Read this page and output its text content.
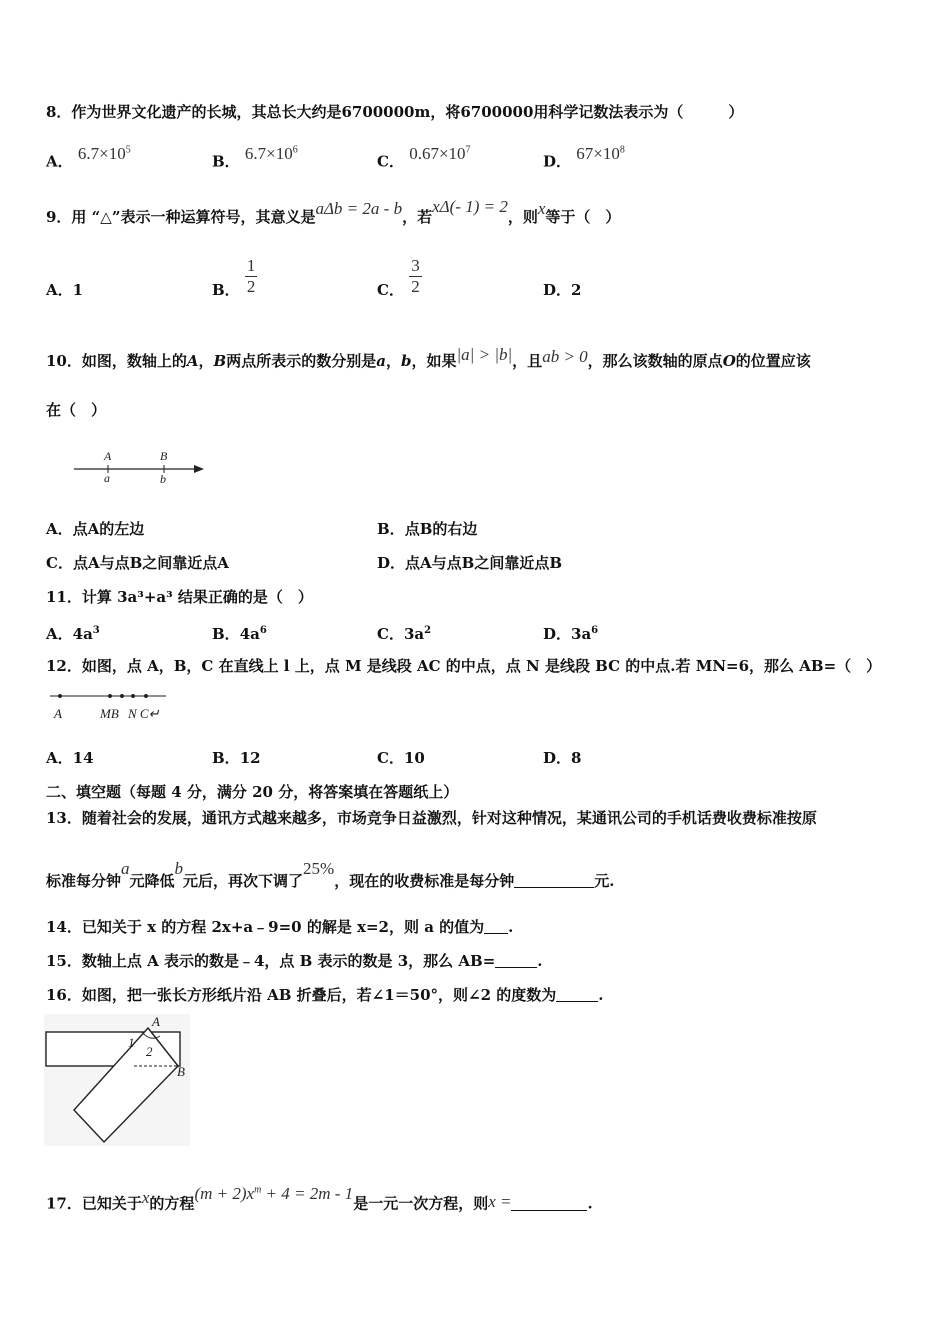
8．作为世界文化遗产的长城，其总长大约是6700000m，将6700000用科学记数法表示为（　　　）
A． $6.7\times 10^5$
B． $6.7\times 10^6$
C． $0.67\times 10^7$
D． $67\times 10^8$
9．用 “△”表示一种运算符号，其意义是aΔb = 2a - b，若xΔ(- 1) = 2，则x等于（　）
A．1	B． $\frac{1}{2}$	C． $\frac{3}{2}$	D．2
10．如图，数轴上的A，B两点所表示的数分别是a，b，如果|a| > |b|，且ab > 0，那么该数轴的原点O的位置应该
在（　）
A
a
B
b
A．点A的左边	B．点B的右边
C．点A与点B之间靠近点A	D．点A与点B之间靠近点B
11．计算 3a³+a³ 结果正确的是（　）
A．$4a^3$	B．$4a^6$	C．$3a^2$	D．$3a^6$
12．如图，点 A，B，C 在直线上 l 上，点 M 是线段 AC 的中点，点 N 是线段 BC 的中点.若 MN=6，那么 AB=（　）
A	MB N C↵
A．14	B．12	C．10	D．8
二、填空题（每题 4 分，满分 20 分，将答案填在答题纸上）
13．随着社会的发展，通讯方式越来越多，市场竞争日益激烈，针对这种情况，某通讯公司的手机话费收费标准按原
标准每分钟a元降低b元后，再次下调了25%，现在的收费标准是每分钟	元.
14．已知关于 x 的方程 2x+a﹣9=0 的解是 x=2，则 a 的值为 .
15．数轴上点 A 表示的数是﹣4，点 B 表示的数是 3，那么 AB=	.
16．如图，把一张长方形纸片沿 AB 折叠后，若∠1＝50°，则∠2 的度数为	.
A
B
1
2
17．已知关于x的方程$(m + 2)x^m + 4 = 2m - 1$是一元一次方程，则x =	.
